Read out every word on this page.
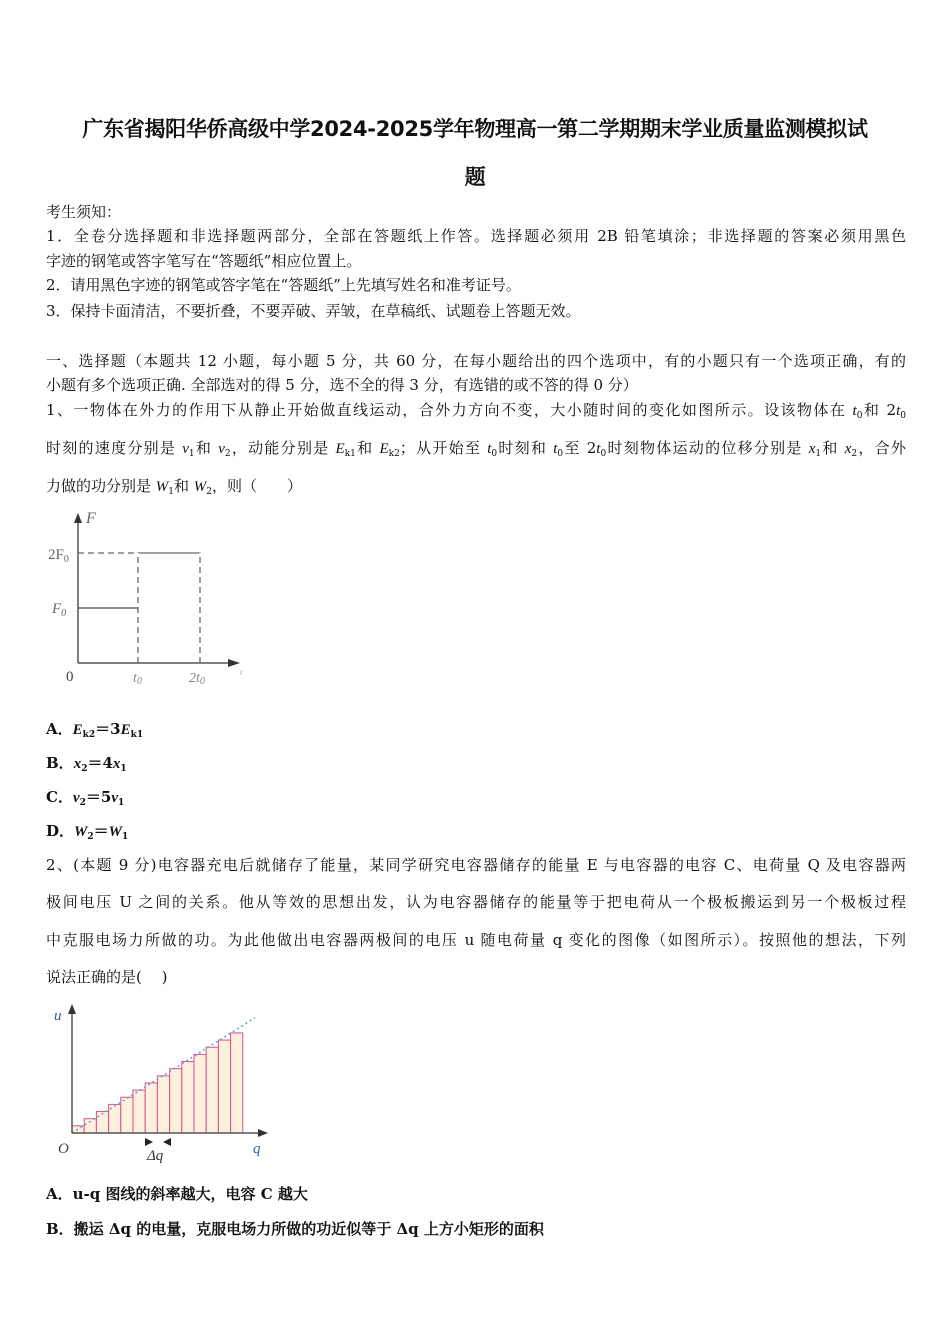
广东省揭阳华侨高级中学2024-2025学年物理高一第二学期期末学业质量监测模拟试
题
考生须知：
1．全卷分选择题和非选择题两部分，全部在答题纸上作答。选择题必须用 2B 铅笔填涂；非选择题的答案必须用黑色
字迹的钢笔或答字笔写在“答题纸”相应位置上。
2．请用黑色字迹的钢笔或答字笔在“答题纸”上先填写姓名和准考证号。
3．保持卡面清洁，不要折叠，不要弄破、弄皱，在草稿纸、试题卷上答题无效。
一、选择题（本题共 12 小题，每小题 5 分，共 60 分，在每小题给出的四个选项中，有的小题只有一个选项正确，有的
小题有多个选项正确. 全部选对的得 5 分，选不全的得 3 分，有选错的或不答的得 0 分）
1、一物体在外力的作用下从静止开始做直线运动，合外力方向不变，大小随时间的变化如图所示。设该物体在 $t_0$和 $2t_0$
时刻的速度分别是 $v_1$和 $v_2$，动能分别是 $E_{k1}$和 $E_{k2}$；从开始至 $t_0$时刻和 $t_0$至 $2t_0$时刻物体运动的位移分别是 $x_1$和 $x_2$，合外
力做的功分别是 $W_1$和 $W_2$，则（　　）
F
$2F_0$
$F_0$
0	t0	2t0
t
A．$E_{k2}=3E_{k1}$
B．$x_2=4x_1$
C．$v_2=5v_1$
D．$W_2=W_1$
2、(本题 9 分)电容器充电后就储存了能量，某同学研究电容器储存的能量 E 与电容器的电容 C、电荷量 Q 及电容器两
极间电压 U 之间的关系。他从等效的思想出发，认为电容器储存的能量等于把电荷从一个极板搬运到另一个极板过程
中克服电场力所做的功。为此他做出电容器两极间的电压 u 随电荷量 q 变化的图像（如图所示）。按照他的想法，下列
说法正确的是(　 )
u
O	Δq	q
A．u-q 图线的斜率越大，电容 C 越大
B．搬运 Δq 的电量，克服电场力所做的功近似等于 Δq 上方小矩形的面积
